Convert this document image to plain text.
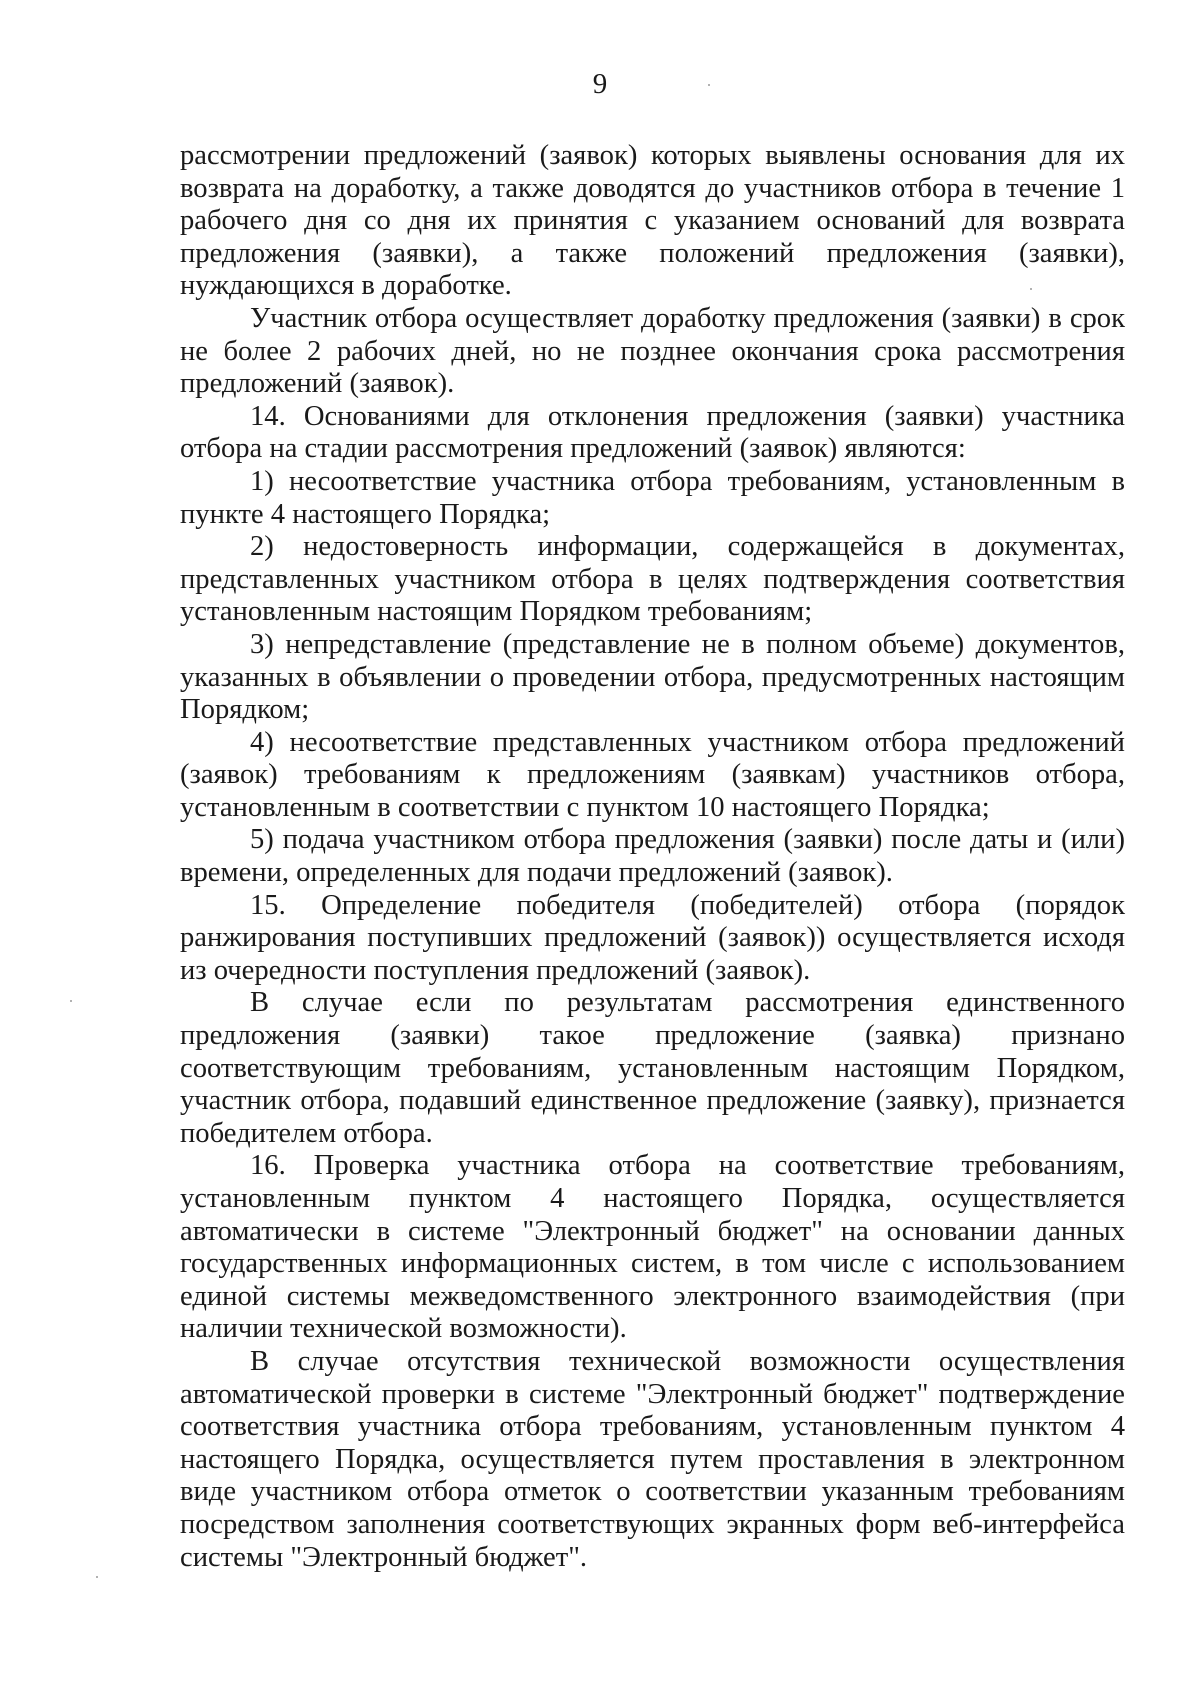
9

рассмотрении предложений (заявок) которых выявлены основания для их возврата на доработку, а также доводятся до участников отбора в течение 1 рабочего дня со дня их принятия с указанием оснований для возврата предложения (заявки), а также положений предложения (заявки), нуждающихся в доработке.

Участник отбора осуществляет доработку предложения (заявки) в срок не более 2 рабочих дней, но не позднее окончания срока рассмотрения предложений (заявок).

14. Основаниями для отклонения предложения (заявки) участника отбора на стадии рассмотрения предложений (заявок) являются:

1) несоответствие участника отбора требованиям, установленным в пункте 4 настоящего Порядка;

2) недостоверность информации, содержащейся в документах, представленных участником отбора в целях подтверждения соответствия установленным настоящим Порядком требованиям;

3) непредставление (представление не в полном объеме) документов, указанных в объявлении о проведении отбора, предусмотренных настоящим Порядком;

4) несоответствие представленных участником отбора предложений (заявок) требованиям к предложениям (заявкам) участников отбора, установленным в соответствии с пунктом 10 настоящего Порядка;

5) подача участником отбора предложения (заявки) после даты и (или) времени, определенных для подачи предложений (заявок).

15. Определение победителя (победителей) отбора (порядок ранжирования поступивших предложений (заявок)) осуществляется исходя из очередности поступления предложений (заявок).

В случае если по результатам рассмотрения единственного предложения (заявки) такое предложение (заявка) признано соответствующим требованиям, установленным настоящим Порядком, участник отбора, подавший единственное предложение (заявку), признается победителем отбора.

16. Проверка участника отбора на соответствие требованиям, установленным пунктом 4 настоящего Порядка, осуществляется автоматически в системе "Электронный бюджет" на основании данных государственных информационных систем, в том числе с использованием единой системы межведомственного электронного взаимодействия (при наличии технической возможности).

В случае отсутствия технической возможности осуществления автоматической проверки в системе "Электронный бюджет" подтверждение соответствия участника отбора требованиям, установленным пунктом 4 настоящего Порядка, осуществляется путем проставления в электронном виде участником отбора отметок о соответствии указанным требованиям посредством заполнения соответствующих экранных форм веб-интерфейса системы "Электронный бюджет".
